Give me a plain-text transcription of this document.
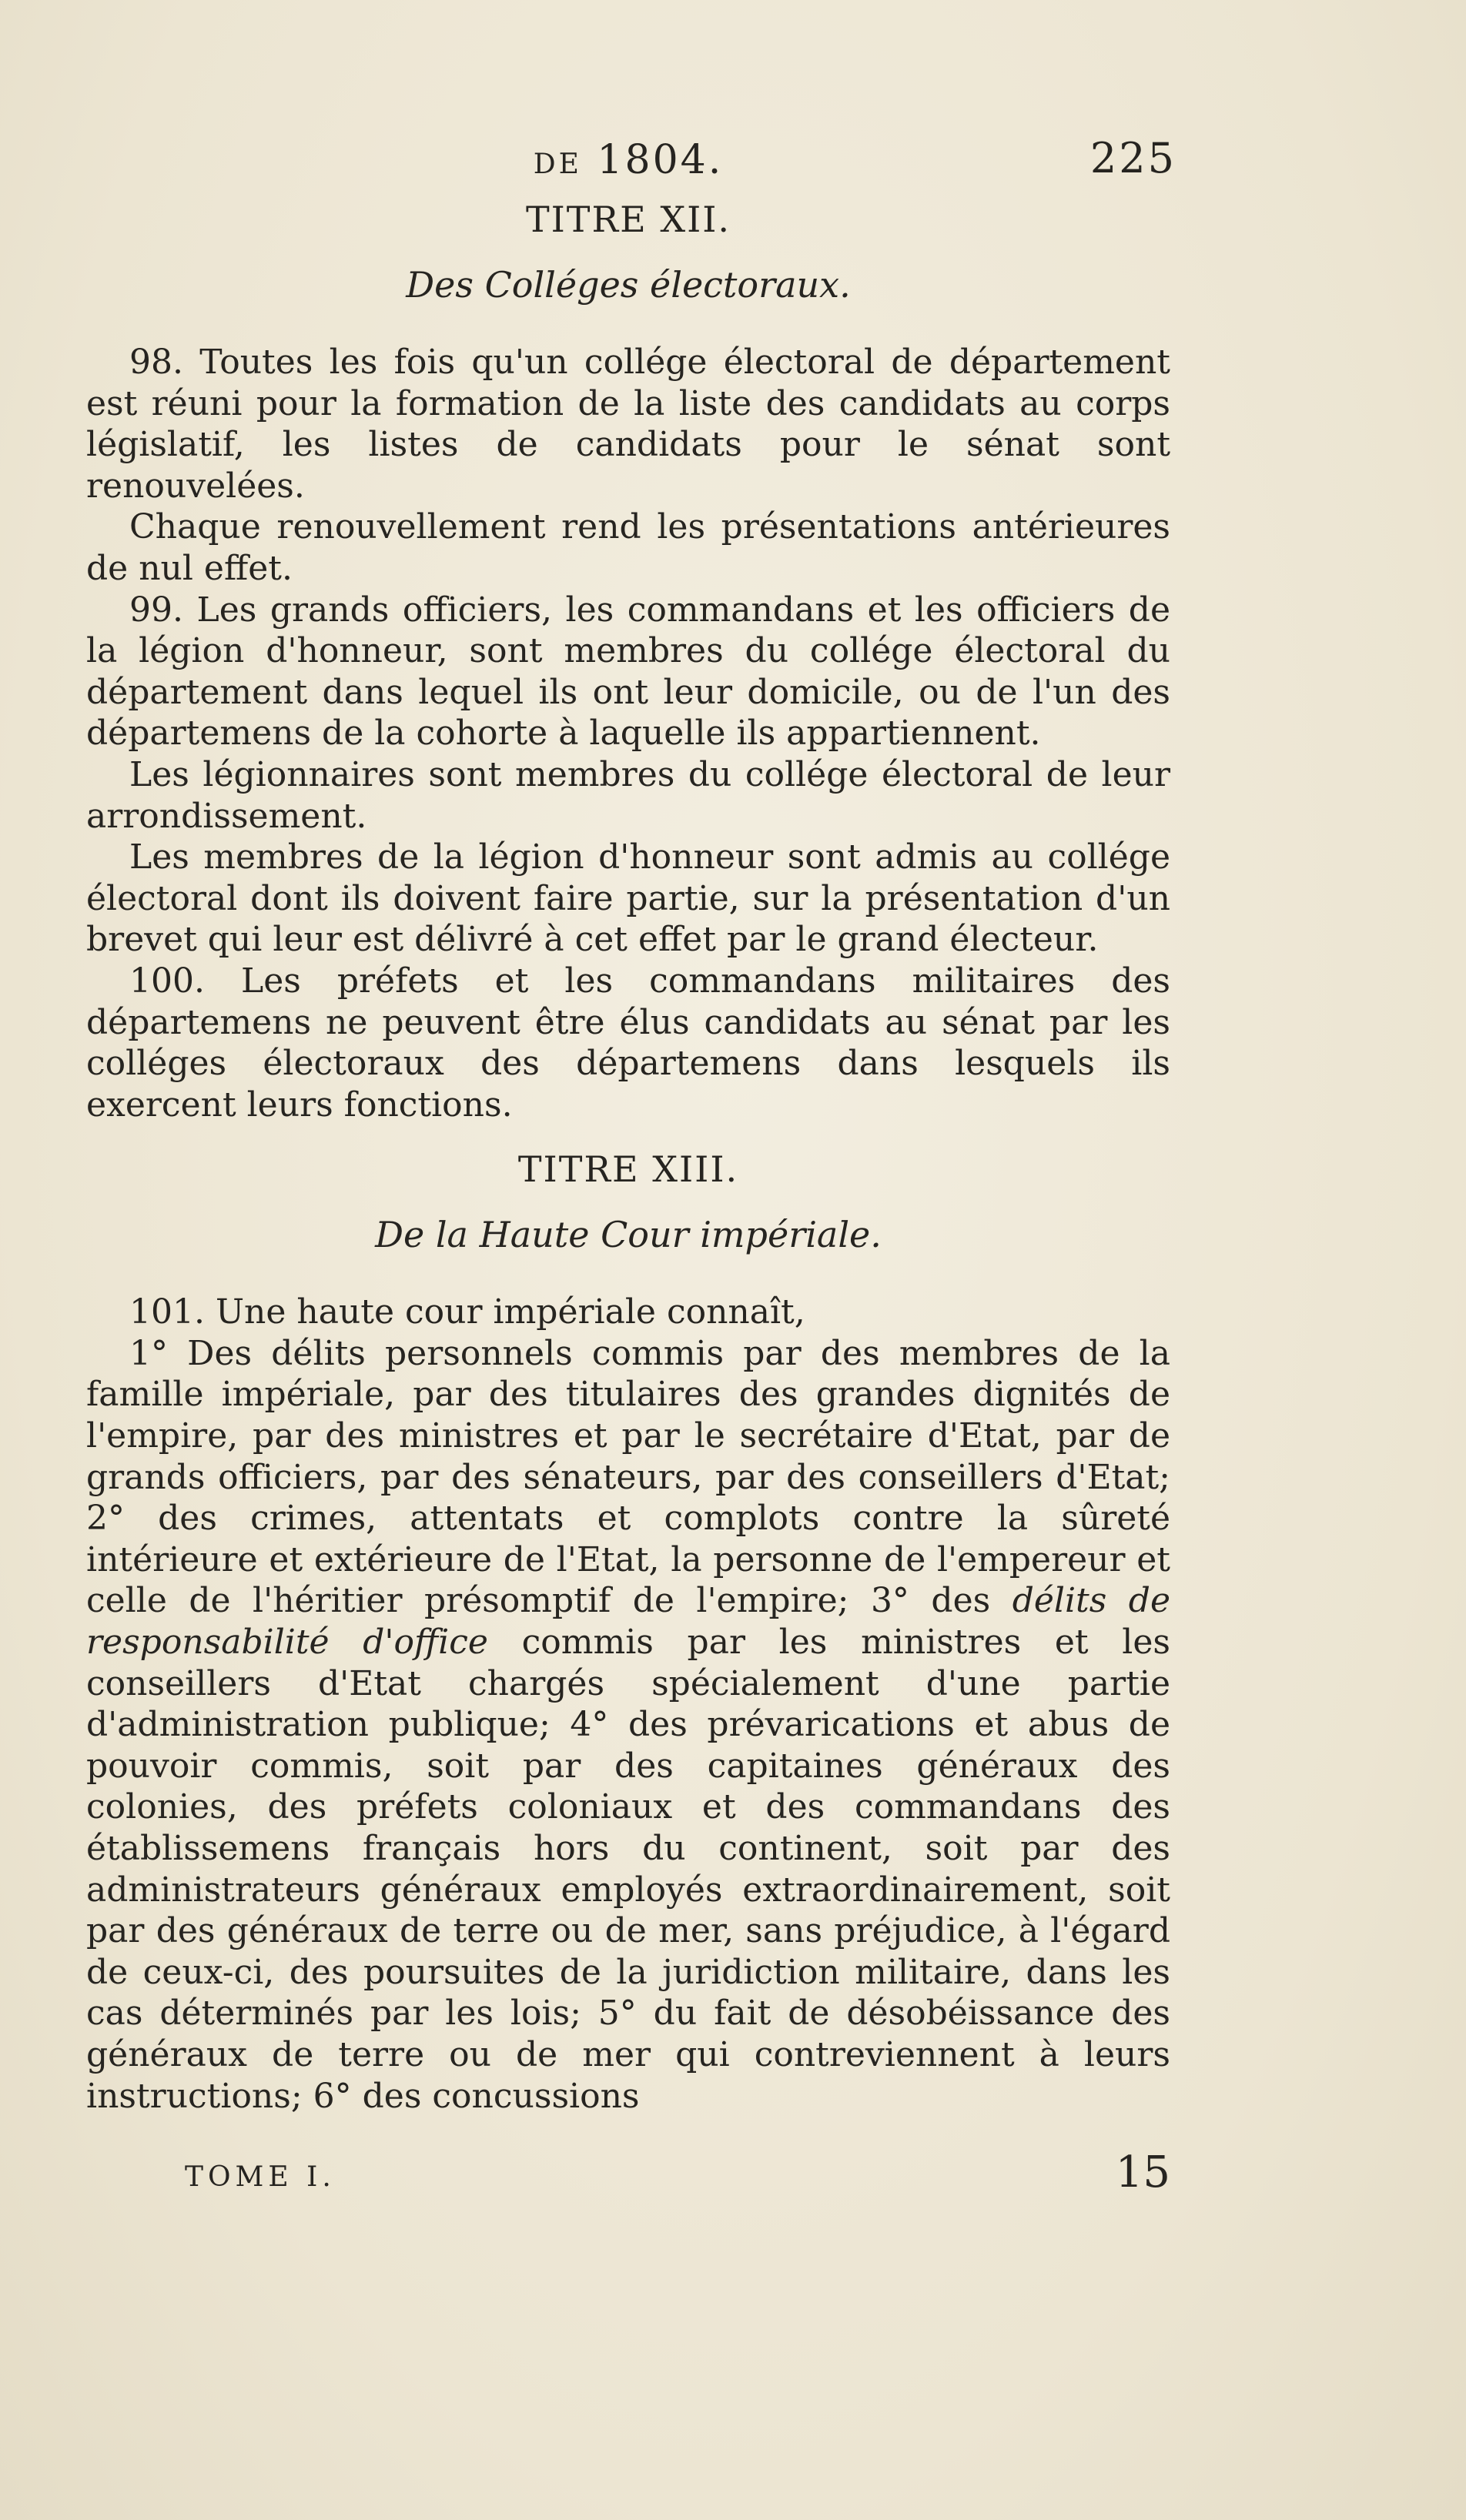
DE 1804.	225
TITRE XII.
Des Colléges électoraux.

98. Toutes les fois qu'un collége électoral de département est réuni pour la formation de la liste des candidats au corps législatif, les listes de candidats pour le sénat sont renouvelées.

Chaque renouvellement rend les présentations antérieures de nul effet.

99. Les grands officiers, les commandans et les officiers de la légion d'honneur, sont membres du collége électoral du département dans lequel ils ont leur domicile, ou de l'un des départemens de la cohorte à laquelle ils appartiennent.

Les légionnaires sont membres du collége électoral de leur arrondissement.

Les membres de la légion d'honneur sont admis au collége électoral dont ils doivent faire partie, sur la présentation d'un brevet qui leur est délivré à cet effet par le grand électeur.

100. Les préfets et les commandans militaires des départemens ne peuvent être élus candidats au sénat par les colléges électoraux des départemens dans lesquels ils exercent leurs fonctions.

TITRE XIII.
De la Haute Cour impériale.

101. Une haute cour impériale connaît,

1° Des délits personnels commis par des membres de la famille impériale, par des titulaires des grandes dignités de l'empire, par des ministres et par le secrétaire d'Etat, par de grands officiers, par des sénateurs, par des conseillers d'Etat; 2° des crimes, attentats et complots contre la sûreté intérieure et extérieure de l'Etat, la personne de l'empereur et celle de l'héritier présomptif de l'empire; 3° des délits de responsabilité d'office commis par les ministres et les conseillers d'Etat chargés spécialement d'une partie d'administration publique; 4° des prévarications et abus de pouvoir commis, soit par des capitaines généraux des colonies, des préfets coloniaux et des commandans des établissemens français hors du continent, soit par des administrateurs généraux employés extraordinairement, soit par des généraux de terre ou de mer, sans préjudice, à l'égard de ceux-ci, des poursuites de la juridiction militaire, dans les cas déterminés par les lois; 5° du fait de désobéissance des généraux de terre ou de mer qui contreviennent à leurs instructions; 6° des concussions

TOME I.	15
